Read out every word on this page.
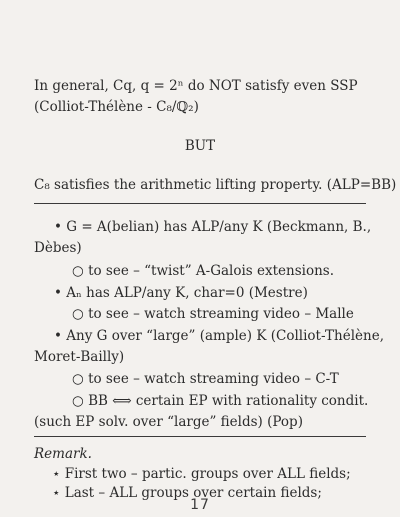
In general, Cq, q = 2ⁿ do NOT satisfy even SSP
(Colliot-Thélène - C₈/ℚ₂)
BUT
C₈ satisfies the arithmetic lifting property. (ALP=BB)
• G = A(belian) has ALP/any K (Beckmann, B.,
Dèbes)
○ to see – “twist” A-Galois extensions.
• Aₙ has ALP/any K, char=0 (Mestre)
○ to see – watch streaming video – Malle
• Any G over “large” (ample) K (Colliot-Thélène,
Moret-Bailly)
○ to see – watch streaming video – C-T
○ BB ⟺ certain EP with rationality condit.
(such EP solv. over “large” fields) (Pop)
Remark.
⋆ First two – partic. groups over ALL fields;
⋆ Last – ALL groups over certain fields;
17
